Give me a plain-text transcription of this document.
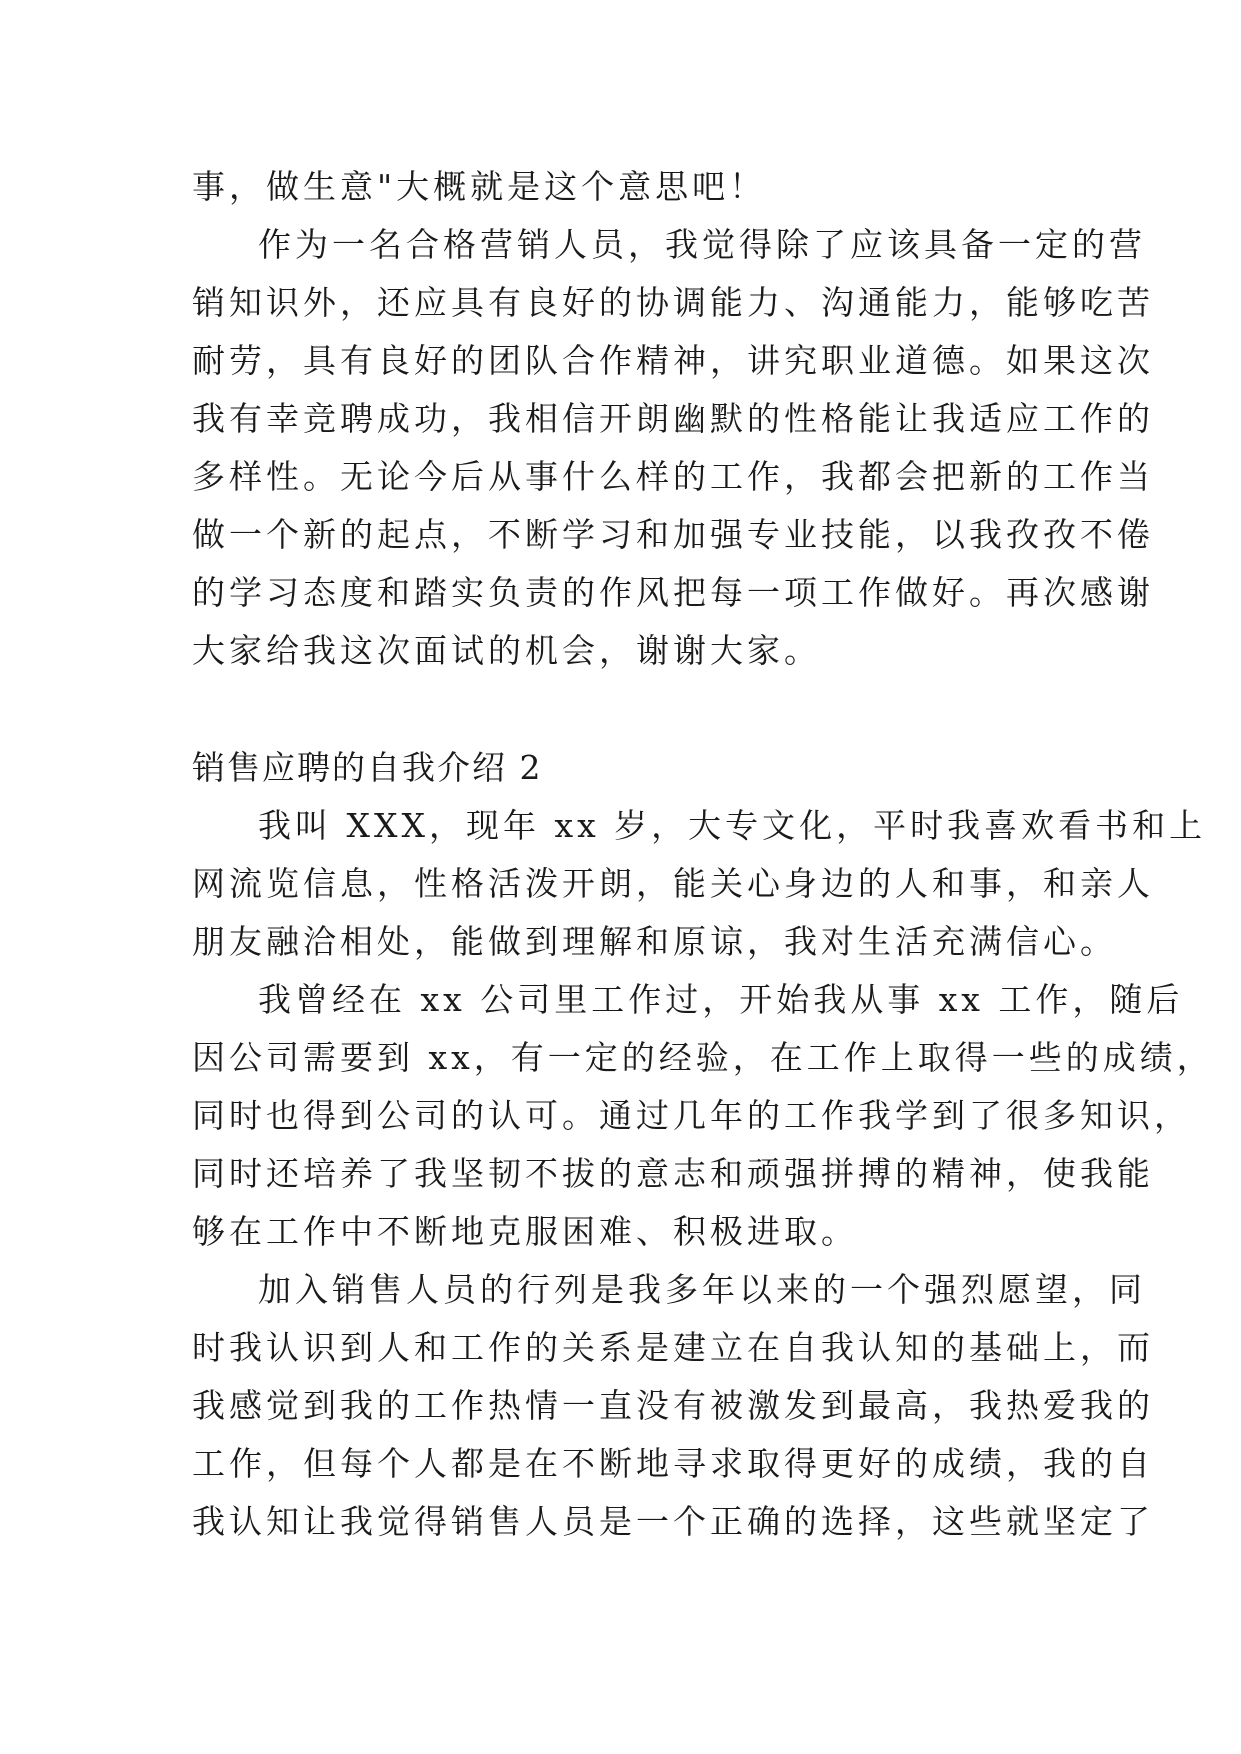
事，做生意"大概就是这个意思吧！
作为一名合格营销人员，我觉得除了应该具备一定的营
销知识外，还应具有良好的协调能力、沟通能力，能够吃苦
耐劳，具有良好的团队合作精神，讲究职业道德。如果这次
我有幸竞聘成功，我相信开朗幽默的性格能让我适应工作的
多样性。无论今后从事什么样的工作，我都会把新的工作当
做一个新的起点，不断学习和加强专业技能，以我孜孜不倦
的学习态度和踏实负责的作风把每一项工作做好。再次感谢
大家给我这次面试的机会，谢谢大家。
销售应聘的自我介绍 2
我叫 XXX，现年 xx 岁，大专文化，平时我喜欢看书和上
网流览信息，性格活泼开朗，能关心身边的人和事，和亲人
朋友融洽相处，能做到理解和原谅，我对生活充满信心。
我曾经在 xx 公司里工作过，开始我从事 xx 工作，随后
因公司需要到 xx，有一定的经验，在工作上取得一些的成绩，
同时也得到公司的认可。通过几年的工作我学到了很多知识，
同时还培养了我坚韧不拔的意志和顽强拼搏的精神，使我能
够在工作中不断地克服困难、积极进取。
加入销售人员的行列是我多年以来的一个强烈愿望，同
时我认识到人和工作的关系是建立在自我认知的基础上，而
我感觉到我的工作热情一直没有被激发到最高，我热爱我的
工作，但每个人都是在不断地寻求取得更好的成绩，我的自
我认知让我觉得销售人员是一个正确的选择，这些就坚定了
